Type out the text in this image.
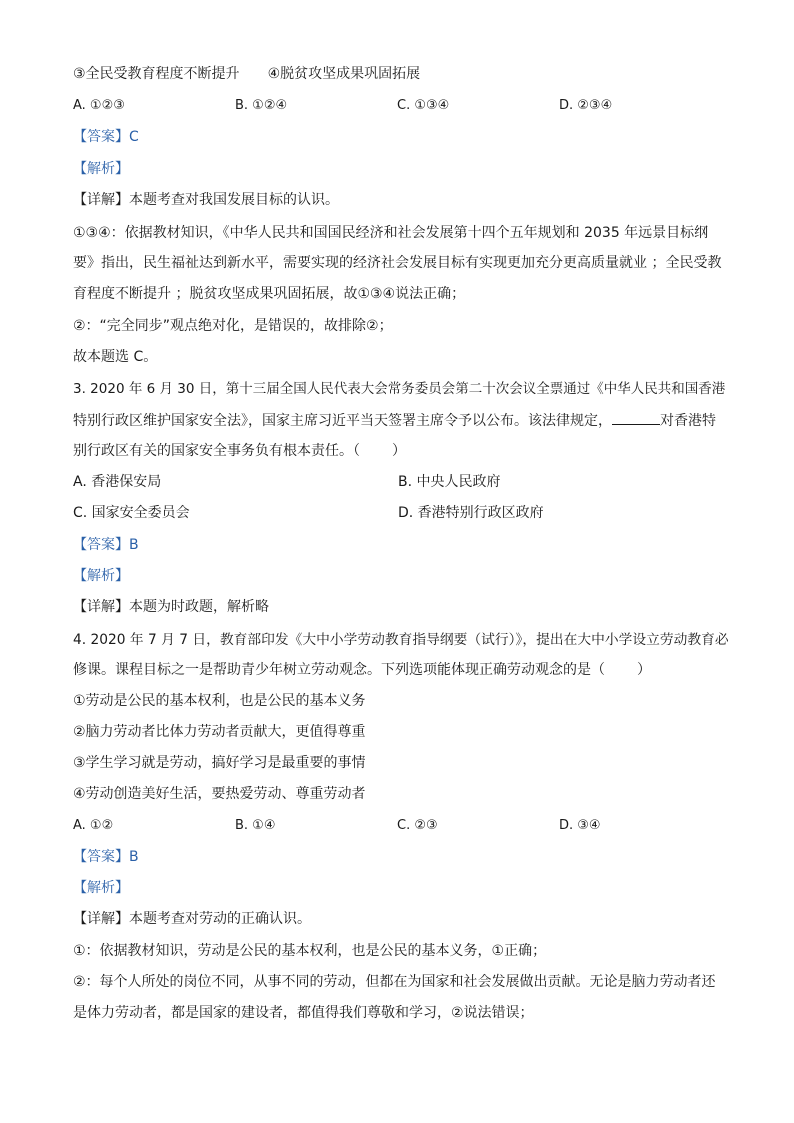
③全民受教育程度不断提升 ④脱贫攻坚成果巩固拓展
A. ①②③	B. ①②④	C. ①③④	D. ②③④
【答案】C
【解析】
【详解】本题考查对我国发展目标的认识。
①③④：依据教材知识，《中华人民共和国国民经济和社会发展第十四个五年规划和 2035 年远景目标纲
要》指出，民生福祉达到新水平，需要实现的经济社会发展目标有实现更加充分更高质量就业 ；全民受教
育程度不断提升 ；脱贫攻坚成果巩固拓展，故①③④说法正确；
②：“完全同步”观点绝对化，是错误的，故排除②；
故本题选 C。
3. 2020 年 6 月 30 日，第十三届全国人民代表大会常务委员会第二十次会议全票通过《中华人民共和国香港
特别行政区维护国家安全法》，国家主席习近平当天签署主席令予以公布。该法律规定，	对香港特
别行政区有关的国家安全事务负有根本责任。（ ）
A. 香港保安局	B. 中央人民政府
C. 国家安全委员会	D. 香港特别行政区政府
【答案】B
【解析】
【详解】本题为时政题，解析略
4. 2020 年 7 月 7 日，教育部印发《大中小学劳动教育指导纲要（试行）》，提出在大中小学设立劳动教育必
修课。课程目标之一是帮助青少年树立劳动观念。下列选项能体现正确劳动观念的是（ ）
①劳动是公民的基本权利，也是公民的基本义务
②脑力劳动者比体力劳动者贡献大，更值得尊重
③学生学习就是劳动，搞好学习是最重要的事情
④劳动创造美好生活，要热爱劳动、尊重劳动者
A. ①②	B. ①④	C. ②③	D. ③④
【答案】B
【解析】
【详解】本题考查对劳动的正确认识。
①：依据教材知识，劳动是公民的基本权利，也是公民的基本义务，①正确；
②：每个人所处的岗位不同，从事不同的劳动，但都在为国家和社会发展做出贡献。无论是脑力劳动者还
是体力劳动者，都是国家的建设者，都值得我们尊敬和学习，②说法错误；
